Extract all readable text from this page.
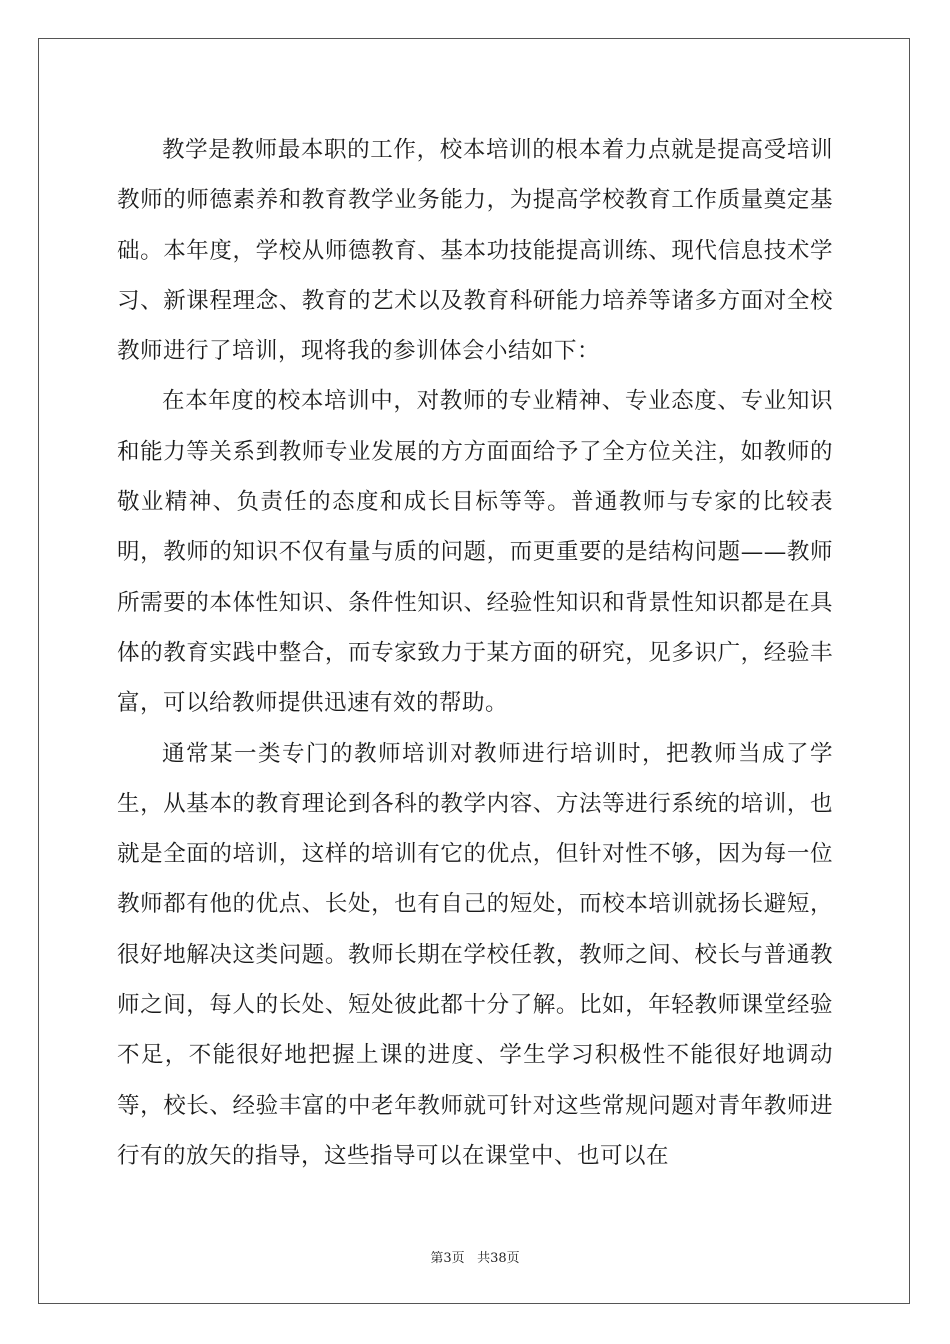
教学是教师最本职的工作，校本培训的根本着力点就是提高受培训教师的师德素养和教育教学业务能力，为提高学校教育工作质量奠定基础。本年度，学校从师德教育、基本功技能提高训练、现代信息技术学习、新课程理念、教育的艺术以及教育科研能力培养等诸多方面对全校教师进行了培训，现将我的参训体会小结如下：

在本年度的校本培训中，对教师的专业精神、专业态度、专业知识和能力等关系到教师专业发展的方方面面给予了全方位关注，如教师的敬业精神、负责任的态度和成长目标等等。普通教师与专家的比较表明，教师的知识不仅有量与质的问题，而更重要的是结构问题——教师所需要的本体性知识、条件性知识、经验性知识和背景性知识都是在具体的教育实践中整合，而专家致力于某方面的研究，见多识广，经验丰富，可以给教师提供迅速有效的帮助。

通常某一类专门的教师培训对教师进行培训时，把教师当成了学生，从基本的教育理论到各科的教学内容、方法等进行系统的培训，也就是全面的培训，这样的培训有它的优点，但针对性不够，因为每一位教师都有他的优点、长处，也有自己的短处，而校本培训就扬长避短，很好地解决这类问题。教师长期在学校任教，教师之间、校长与普通教师之间，每人的长处、短处彼此都十分了解。比如，年轻教师课堂经验不足，不能很好地把握上课的进度、学生学习积极性不能很好地调动等，校长、经验丰富的中老年教师就可针对这些常规问题对青年教师进行有的放矢的指导，这些指导可以在课堂中、也可以在

第3页 共38页
